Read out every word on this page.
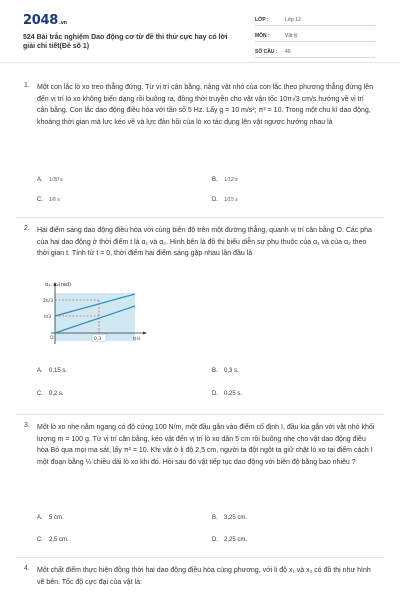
2048.vn
524 Bài trắc nghiệm Dao động cơ từ đề thi thử cực hay có lời giải chi tiết(Đề số 1)
LỚP :	Lớp 12
MÔN :	Vật lý
SỐ CÂU : 40
1. Một con lắc lò xo treo thẳng đứng. Từ vị trí cân bằng, nâng vật nhỏ của con lắc theo phương thẳng đứng lên đến vị trí lò xo không biến dạng rồi buông ra, đồng thời truyền cho vật vận tốc 10π√3 cm/s hướng về vị trí cân bằng. Con lắc dao động điều hòa với tần số 5 Hz. Lấy g = 10 m/s²; π² = 10. Trong một chu kì dao động, khoảng thời gian mà lực kéo về và lực đàn hồi của lò xo tác dụng lên vật ngược hướng nhau là
A. 1/30 s	B. 1/12 s
C. 1/6 s	D. 1/15 s
2. Hai điểm sáng dao động điều hòa với cùng biên độ trên một đường thẳng, quanh vị trí cân bằng O. Các pha của hai dao động ở thời điểm t là α₁ và α₂. Hình bên là đồ thị biểu diễn sự phụ thuộc của α₁ và của α₂ theo thời gian t. Tính từ t = 0, thời điểm hai điểm sáng gặp nhau lần đầu là
α₁, α₂(rad)
t(s)
2π/3
π/3
O	0,3
A. 0,15 s.	B. 0,3 s.
C. 0,2 s.	D. 0,25 s.
3. Một lò xo nhẹ nằm ngang có độ cứng 100 N/m, một đầu gắn vào điểm cố định I, đầu kia gắn với vật nhỏ khối lượng m = 100 g. Từ vị trí cân bằng, kéo vật đến vị trí lò xo dãn 5 cm rồi buông nhẹ cho vật dao động điều hòa Bỏ qua mọi ma sát, lấy π² = 10. Khi vật ở li độ 2,5 cm, người ta đột ngột ta giữ chặt lò xo tại điểm cách I một đoạn bằng ¼ chiều dài lò xo khi đó. Hỏi sau đó vật tiếp tục dao động với biên độ bằng bao nhiêu ?
A. 5 cm.	B. 3,25 cm.
C. 2,5 cm.	D. 2,25 cm.
4. Một chất điểm thực hiện đồng thời hai dao động điều hòa cùng phương, với li độ x₁ và x₂ có đồ thị như hình vẽ bên. Tốc độ cực đại của vật là:
